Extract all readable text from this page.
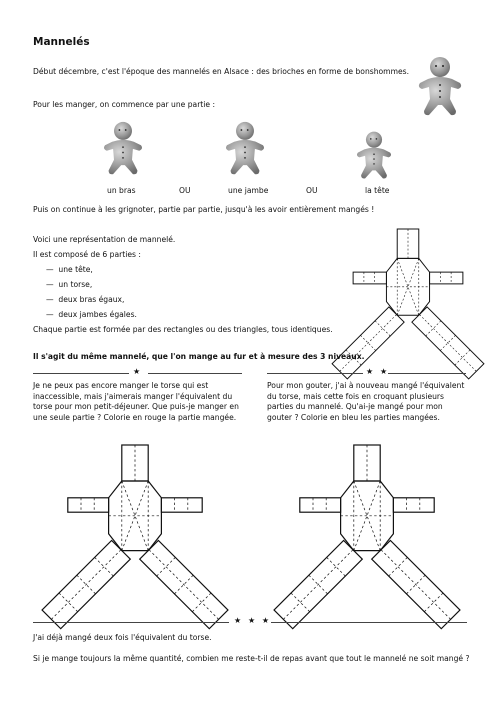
Mannelés
Début décembre, c'est l'époque des mannelés en Alsace : des brioches en forme de bonshommes.
Pour les manger, on commence par une partie :
un bras	OU	une jambe	OU	la tête
Puis on continue à les grignoter, partie par partie, jusqu'à les avoir entièrement mangés !
Voici une représentation de mannelé.
Il est composé de 6 parties :
—  une tête,
—  un torse,
—  deux bras égaux,
—  deux jambes égales.
Chaque partie est formée par des rectangles ou des triangles, tous identiques.
Il s'agit du même mannelé, que l'on mange au fur et à mesure des 3 niveaux.
★	★ ★
Je ne peux pas encore manger le torse qui est inaccessible, mais j'aimerais manger l'équivalent du torse pour mon petit-déjeuner. Que puis-je manger en une seule partie ? Colorie en rouge la partie mangée.
Pour mon gouter, j'ai à nouveau mangé l'équivalent du torse, mais cette fois en croquant plusieurs parties du mannelé. Qu'ai-je mangé pour mon gouter ? Colorie en bleu les parties mangées.
★ ★ ★
J'ai déjà mangé deux fois l'équivalent du torse.
Si je mange toujours la même quantité, combien me reste-t-il de repas avant que tout le mannelé ne soit mangé ?
